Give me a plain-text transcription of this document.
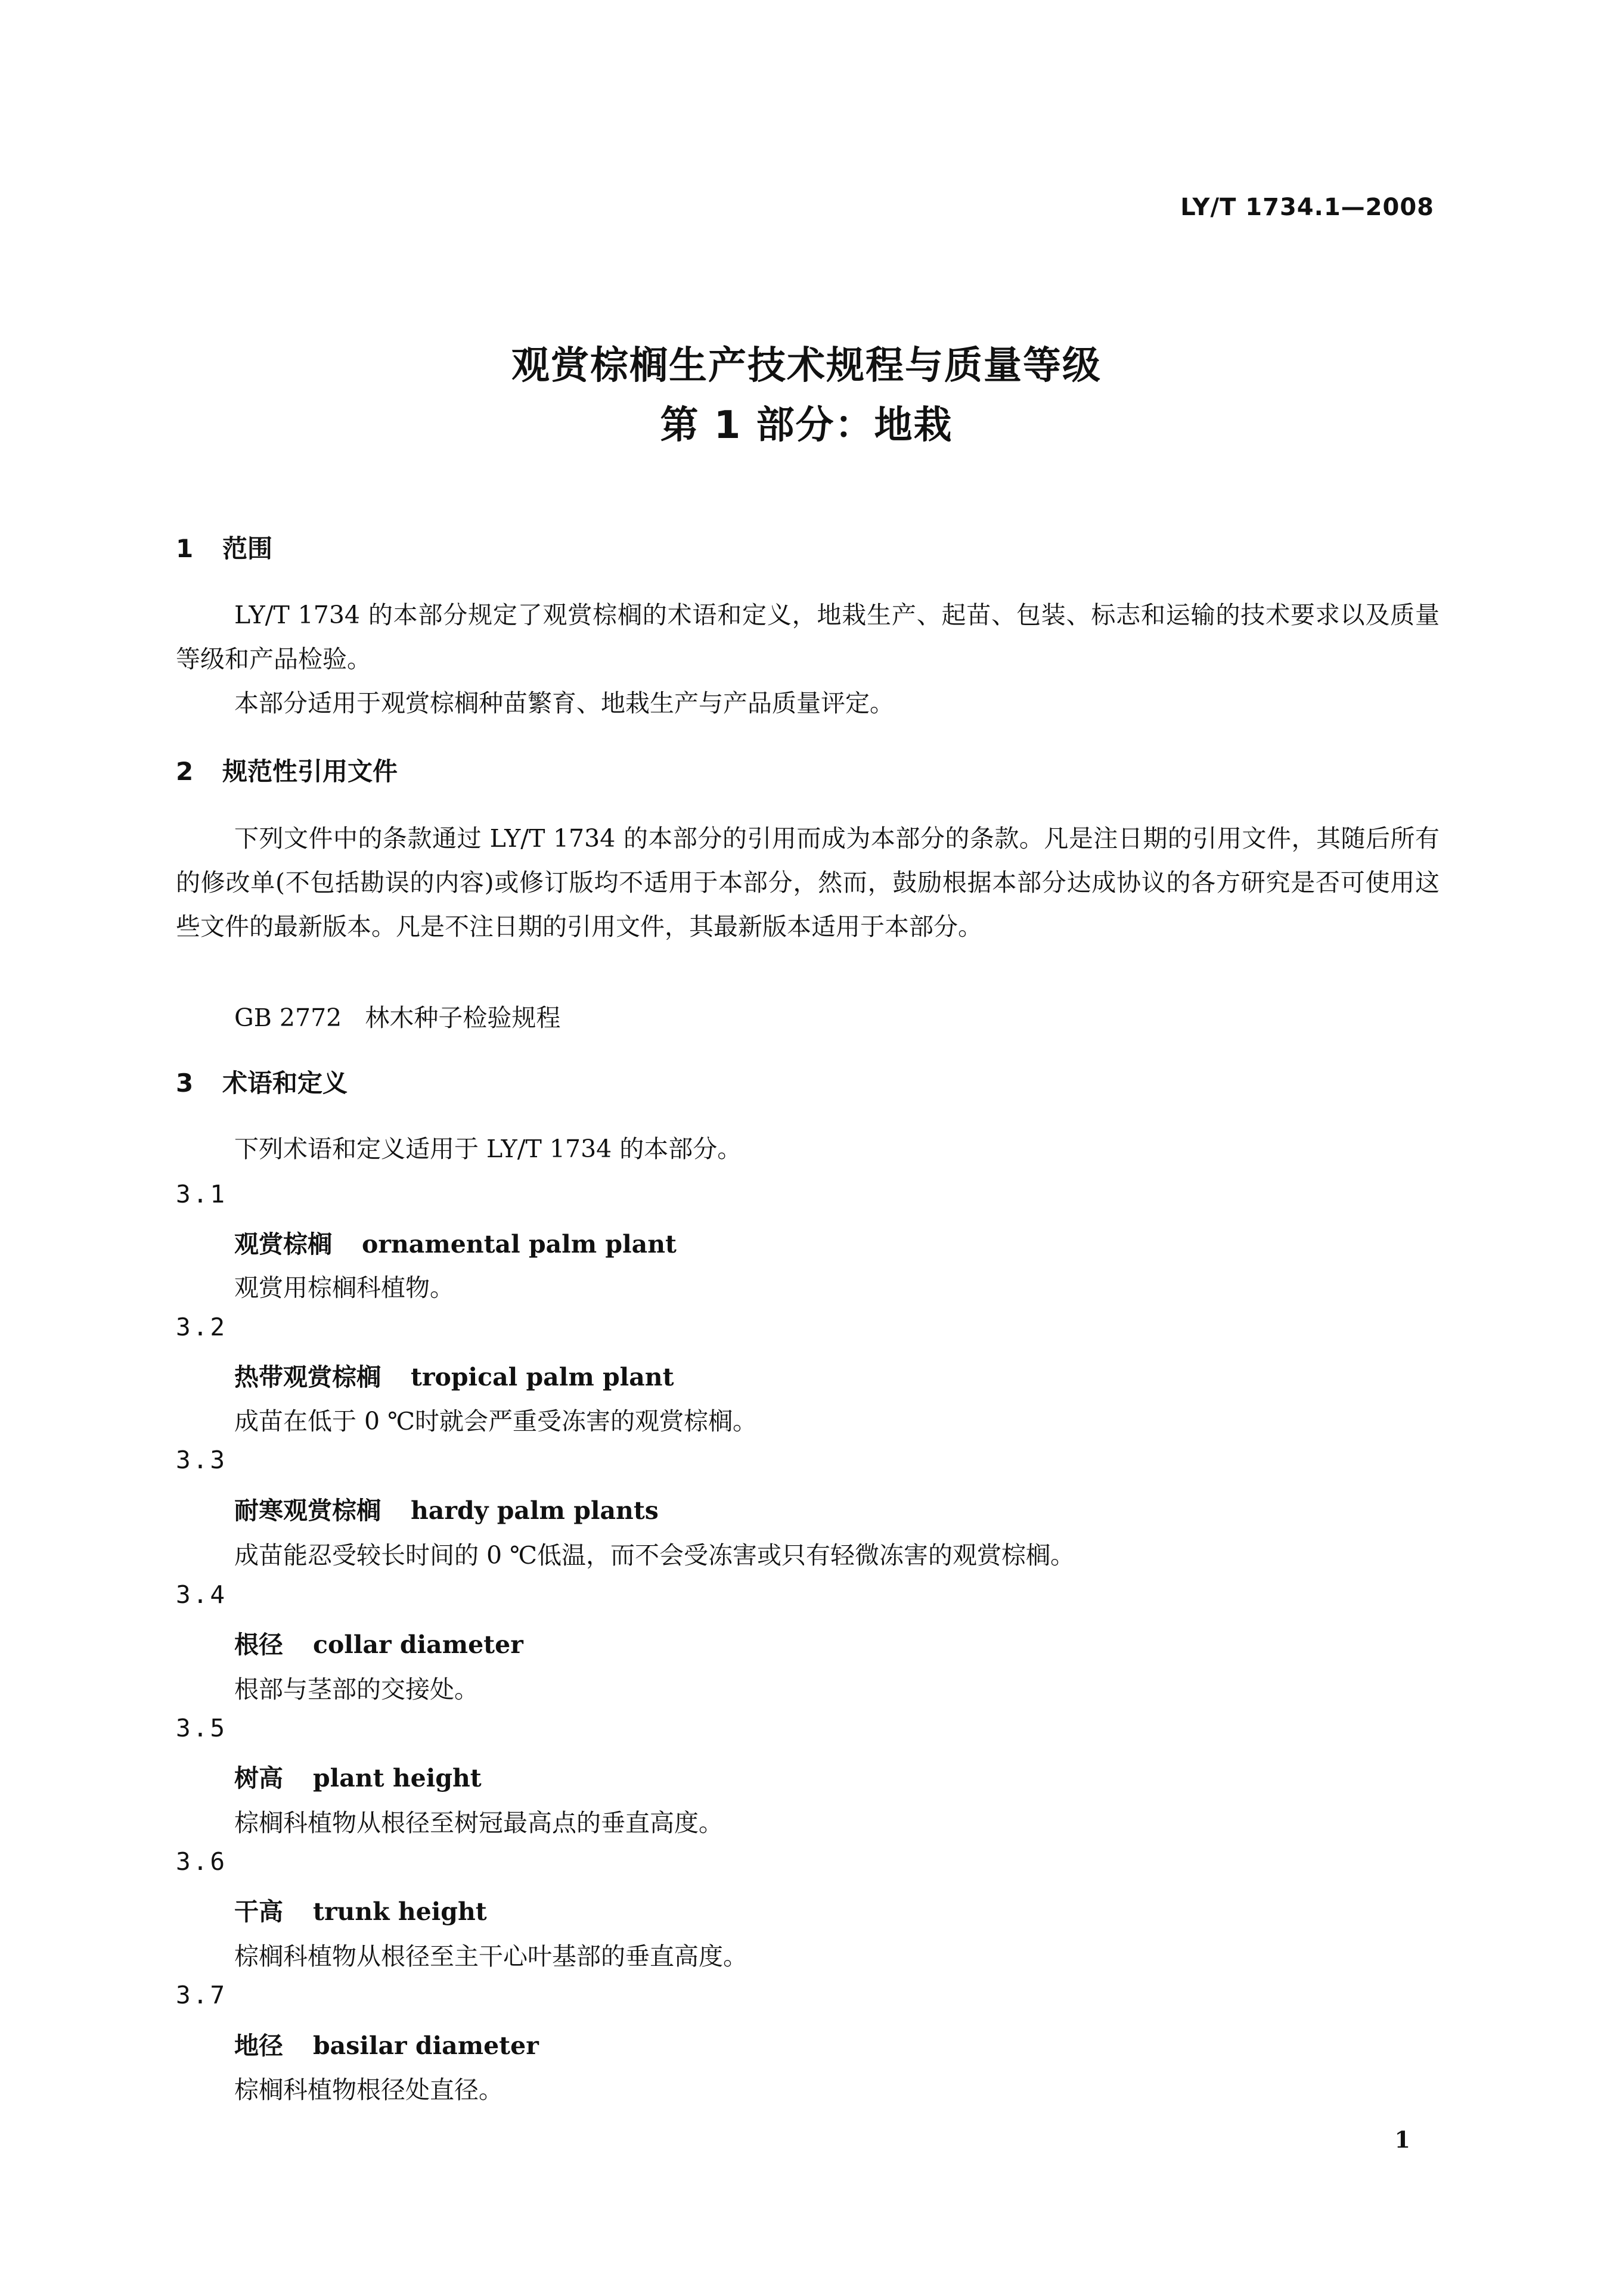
LY/T 1734.1—2008
观赏棕榈生产技术规程与质量等级
第 1 部分：地栽
1 范围
LY/T 1734 的本部分规定了观赏棕榈的术语和定义，地栽生产、起苗、包装、标志和运输的技术要求以及质量等级和产品检验。
本部分适用于观赏棕榈种苗繁育、地栽生产与产品质量评定。
2 规范性引用文件
下列文件中的条款通过 LY/T 1734 的本部分的引用而成为本部分的条款。凡是注日期的引用文件，其随后所有的修改单(不包括勘误的内容)或修订版均不适用于本部分，然而，鼓励根据本部分达成协议的各方研究是否可使用这些文件的最新版本。凡是不注日期的引用文件，其最新版本适用于本部分。
GB 2772   林木种子检验规程
3 术语和定义
下列术语和定义适用于 LY/T 1734 的本部分。
3.1
观赏棕榈 ornamental palm plant
观赏用棕榈科植物。
3.2
热带观赏棕榈 tropical palm plant
成苗在低于 0 ℃时就会严重受冻害的观赏棕榈。
3.3
耐寒观赏棕榈 hardy palm plants
成苗能忍受较长时间的 0 ℃低温，而不会受冻害或只有轻微冻害的观赏棕榈。
3.4
根径 collar diameter
根部与茎部的交接处。
3.5
树高 plant height
棕榈科植物从根径至树冠最高点的垂直高度。
3.6
干高 trunk height
棕榈科植物从根径至主干心叶基部的垂直高度。
3.7
地径 basilar diameter
棕榈科植物根径处直径。
1
